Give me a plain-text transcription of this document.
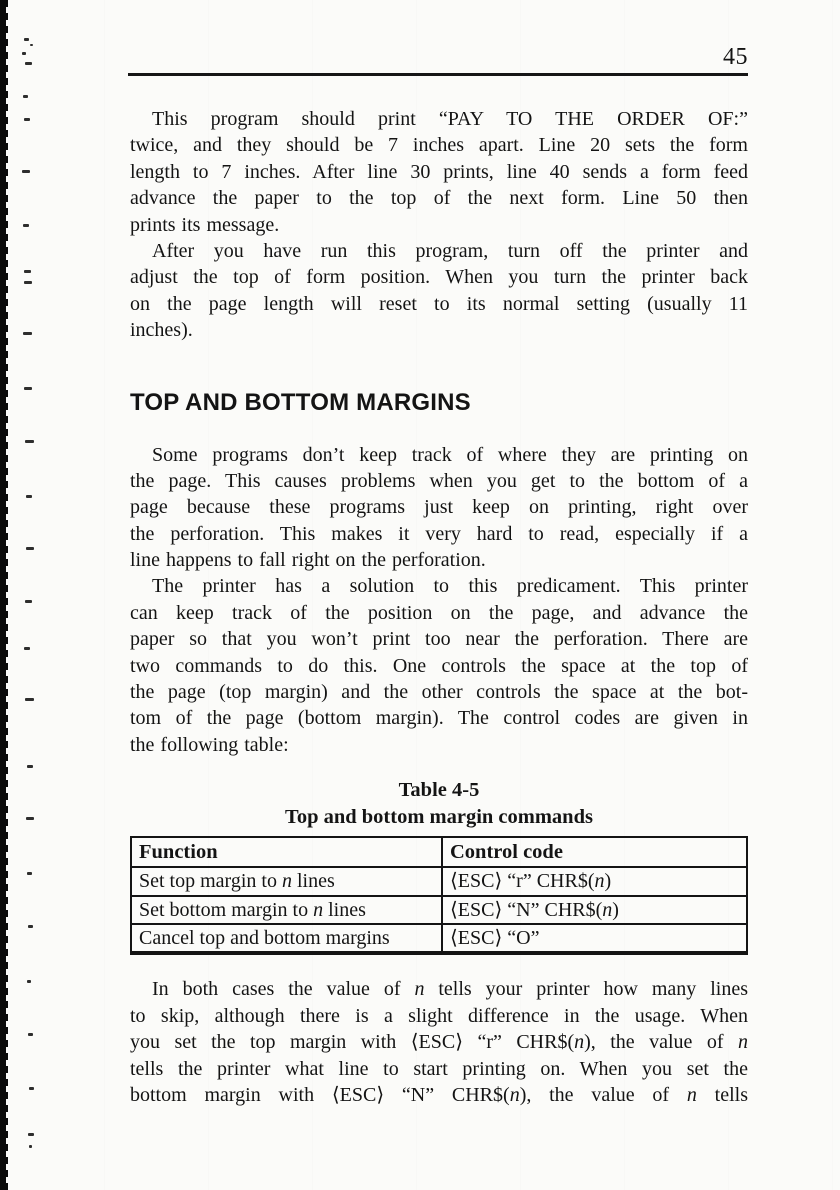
45
This program should print “PAY TO THE ORDER OF:”
twice, and they should be 7 inches apart. Line 20 sets the form
length to 7 inches. After line 30 prints, line 40 sends a form feed
advance the paper to the top of the next form. Line 50 then
prints its message.
After you have run this program, turn off the printer and
adjust the top of form position. When you turn the printer back
on the page length will reset to its normal setting (usually 11
inches).
TOP AND BOTTOM MARGINS
Some programs don’t keep track of where they are printing on
the page. This causes problems when you get to the bottom of a
page because these programs just keep on printing, right over
the perforation. This makes it very hard to read, especially if a
line happens to fall right on the perforation.
The printer has a solution to this predicament. This printer
can keep track of the position on the page, and advance the
paper so that you won’t print too near the perforation. There are
two commands to do this. One controls the space at the top of
the page (top margin) and the other controls the space at the bot-
tom of the page (bottom margin). The control codes are given in
the following table:
Table 4-5
Top and bottom margin commands
Function	Control code
Set top margin to n lines	⟨ESC⟩ “r” CHR$(n)
Set bottom margin to n lines	⟨ESC⟩ “N” CHR$(n)
Cancel top and bottom margins	⟨ESC⟩ “O”
In both cases the value of n tells your printer how many lines
to skip, although there is a slight difference in the usage. When
you set the top margin with ⟨ESC⟩ “r” CHR$(n), the value of n
tells the printer what line to start printing on. When you set the
bottom margin with ⟨ESC⟩ “N” CHR$(n), the value of n tells
